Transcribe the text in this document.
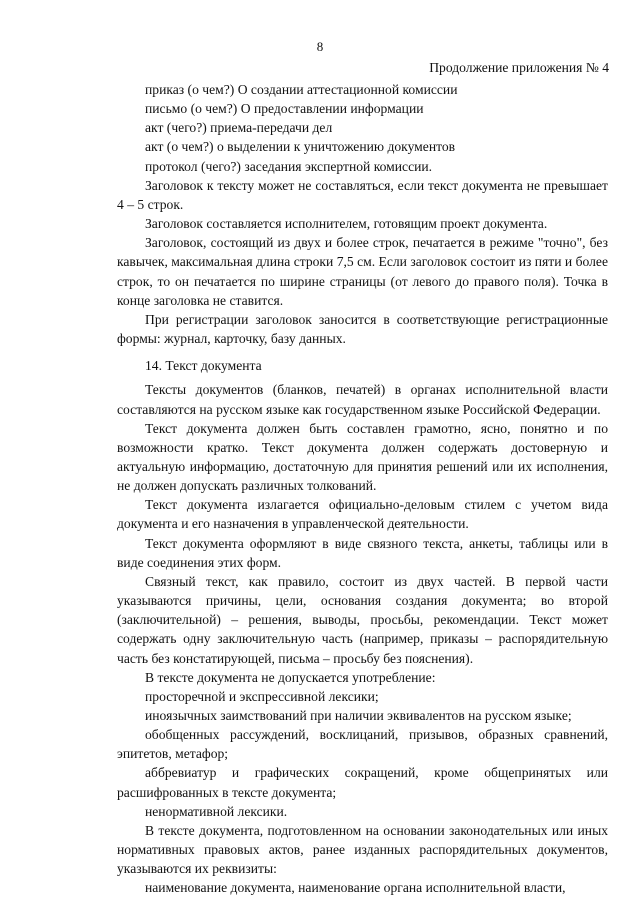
8
Продолжение приложения № 4

приказ (о чем?) О создании аттестационной комиссии

письмо (о чем?) О предоставлении информации

акт (чего?) приема-передачи дел

акт (о чем?) о выделении к уничтожению документов

протокол (чего?) заседания экспертной комиссии.

Заголовок к тексту может не составляться, если текст документа не превышает 4 – 5 строк.

Заголовок составляется исполнителем, готовящим проект документа.

Заголовок, состоящий из двух и более строк, печатается в режиме "точно", без кавычек, максимальная длина строки 7,5 см. Если заголовок состоит из пяти и более строк, то он печатается по ширине страницы (от левого до правого поля). Точка в конце заголовка не ставится.

При регистрации заголовок заносится в соответствующие регистрационные формы: журнал, карточку, базу данных.

14. Текст документа

Тексты документов (бланков, печатей) в органах исполнительной власти составляются на русском языке как государственном языке Российской Федерации.

Текст документа должен быть составлен грамотно, ясно, понятно и по возможности кратко. Текст документа должен содержать достоверную и актуальную информацию, достаточную для принятия решений или их исполнения, не должен допускать различных толкований.

Текст документа излагается официально-деловым стилем с учетом вида документа и его назначения в управленческой деятельности.

Текст документа оформляют в виде связного текста, анкеты, таблицы или в виде соединения этих форм.

Связный текст, как правило, состоит из двух частей. В первой части указываются причины, цели, основания создания документа; во второй (заключительной) – решения, выводы, просьбы, рекомендации. Текст может содержать одну заключительную часть (например, приказы – распорядительную часть без констатирующей, письма – просьбу без пояснения).

В тексте документа не допускается употребление:

просторечной и экспрессивной лексики;

иноязычных заимствований при наличии эквивалентов на русском языке;

обобщенных рассуждений, восклицаний, призывов, образных сравнений, эпитетов, метафор;

аббревиатур и графических сокращений, кроме общепринятых или расшифрованных в тексте документа;

ненормативной лексики.

В тексте документа, подготовленном на основании законодательных или иных нормативных правовых актов, ранее изданных распорядительных документов, указываются их реквизиты:

наименование документа, наименование органа исполнительной власти,
